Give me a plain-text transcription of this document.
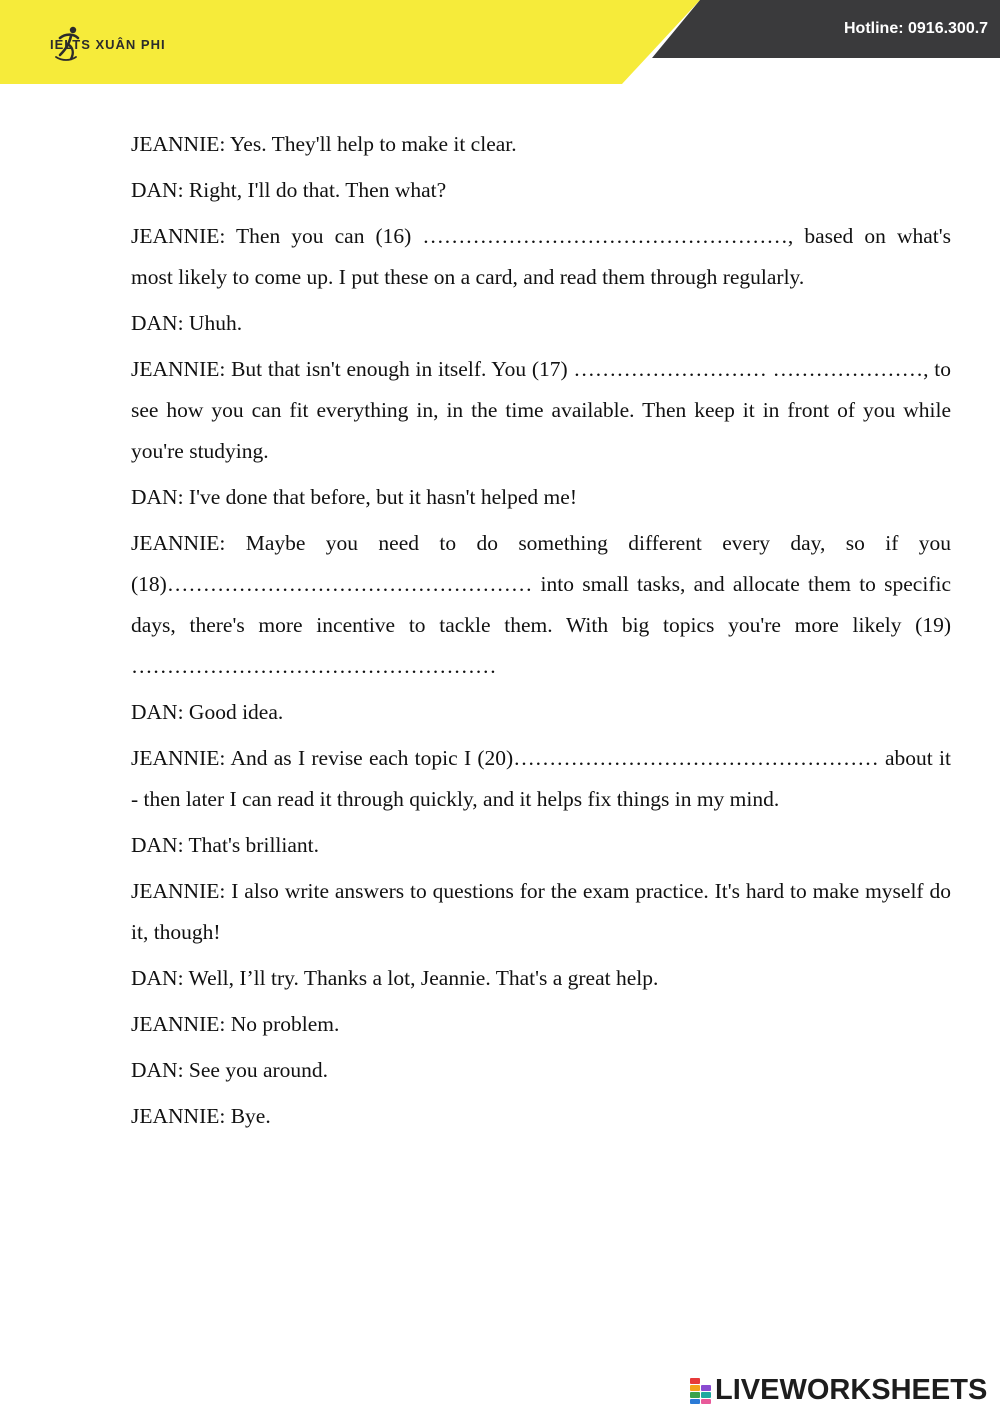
IELTS XUÂN PHI
Hotline: 0916.300.7

JEANNIE: Yes. They'll help to make it clear.

DAN: Right, I'll do that. Then what?

JEANNIE: Then you can (16) ……………………………………………, based on what's most likely to come up. I put these on a card, and read them through regularly.

DAN: Uhuh.

JEANNIE: But that isn't enough in itself. You (17) ……………………… …………………, to see how you can fit everything in, in the time available. Then keep it in front of you while you're studying.

DAN: I've done that before, but it hasn't helped me!

JEANNIE: Maybe you need to do something different every day, so if you (18)…………………………………………… into small tasks, and allocate them to specific days, there's more incentive to tackle them. With big topics you're more likely (19) ……………………………………………

DAN: Good idea.

JEANNIE: And as I revise each topic I (20)…………………………………………… about it - then later I can read it through quickly, and it helps fix things in my mind.

DAN: That's brilliant.

JEANNIE: I also write answers to questions for the exam practice. It's hard to make myself do it, though!

DAN: Well, I’ll try. Thanks a lot, Jeannie. That's a great help.

JEANNIE: No problem.

DAN: See you around.

JEANNIE: Bye.

LIVEWORKSHEETS
